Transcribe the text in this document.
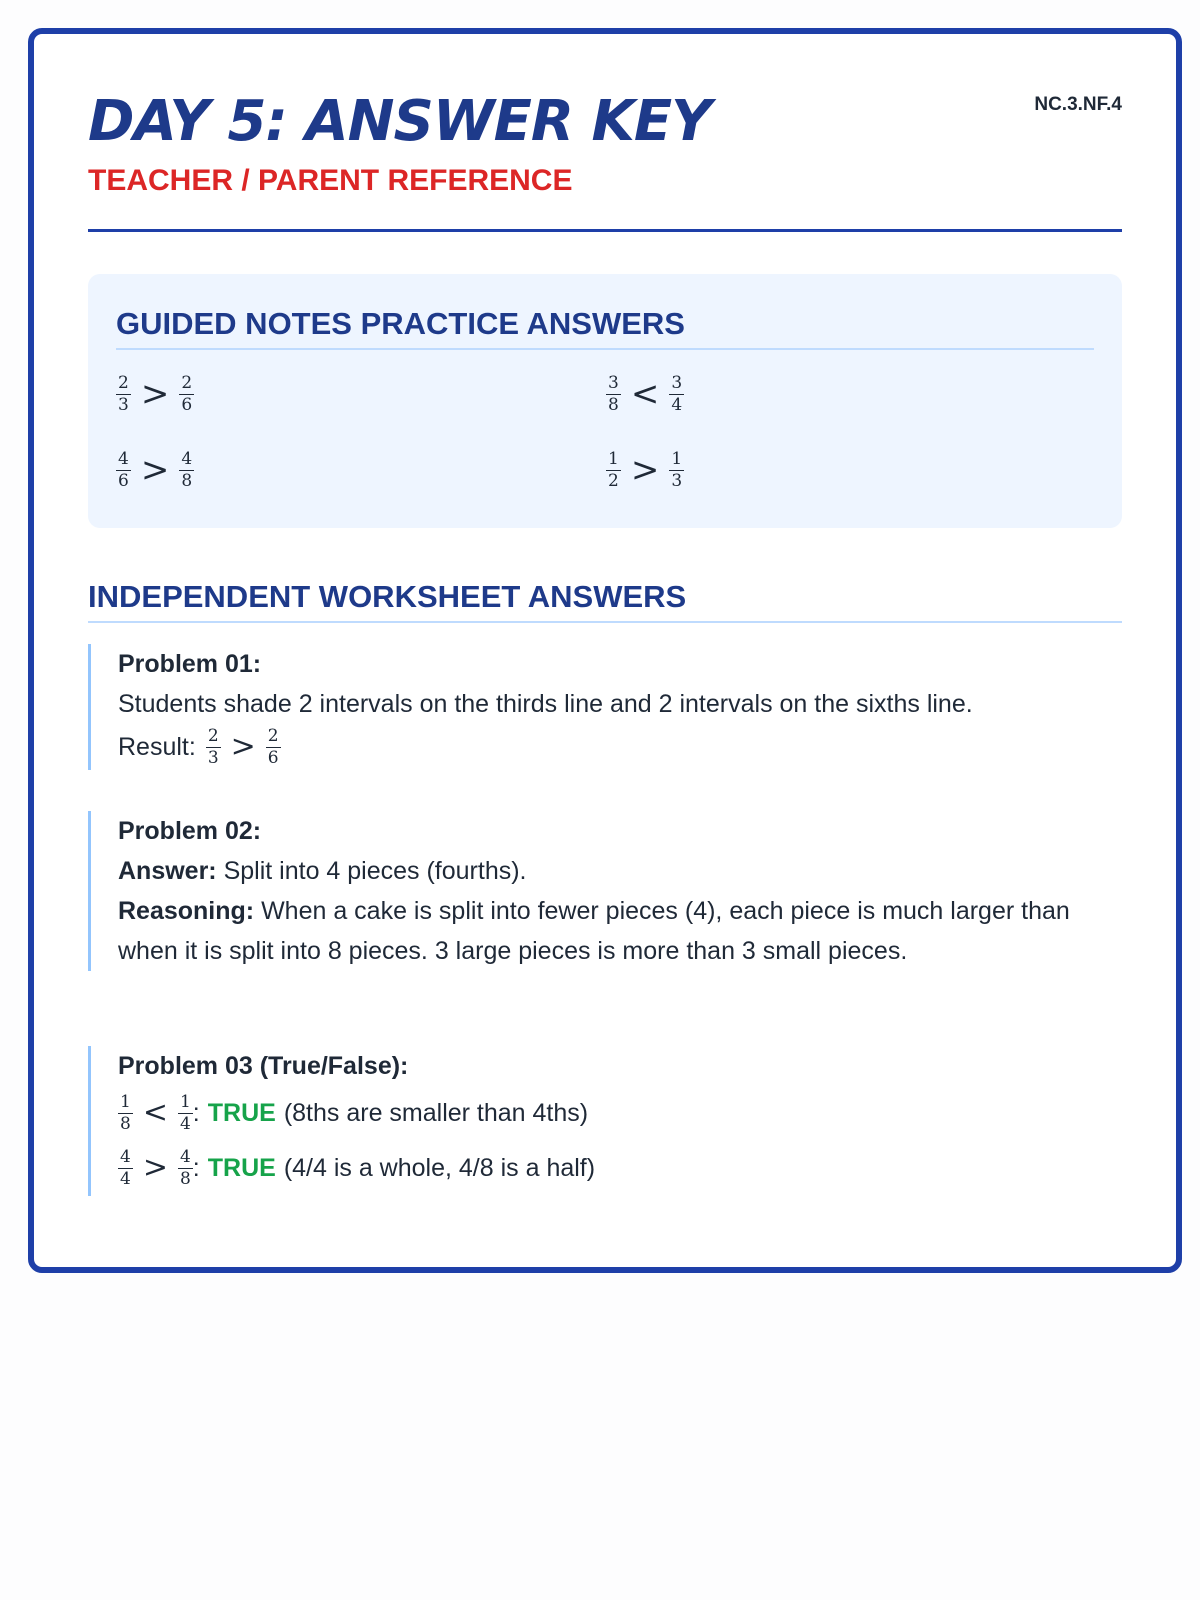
DAY 5: ANSWER KEY
TEACHER / PARENT REFERENCE
NC.3.NF.4
GUIDED NOTES PRACTICE ANSWERS
$\frac{2}{3} > \frac{2}{6}$	$\frac{3}{8} < \frac{3}{4}$
$\frac{4}{6} > \frac{4}{8}$	$\frac{1}{2} > \frac{1}{3}$
INDEPENDENT WORKSHEET ANSWERS
Problem 01:
Students shade 2 intervals on the thirds line and 2 intervals on the sixths line.
Result: $\frac{2}{3} > \frac{2}{6}$
Problem 02:
Answer: Split into 4 pieces (fourths).
Reasoning: When a cake is split into fewer pieces (4), each piece is much larger than when it is split into 8 pieces. 3 large pieces is more than 3 small pieces.
Problem 03 (True/False):
$\frac{1}{8} < \frac{1}{4}$ : TRUE (8ths are smaller than 4ths)
$\frac{4}{4} > \frac{4}{8}$ : TRUE (4/4 is a whole, 4/8 is a half)
